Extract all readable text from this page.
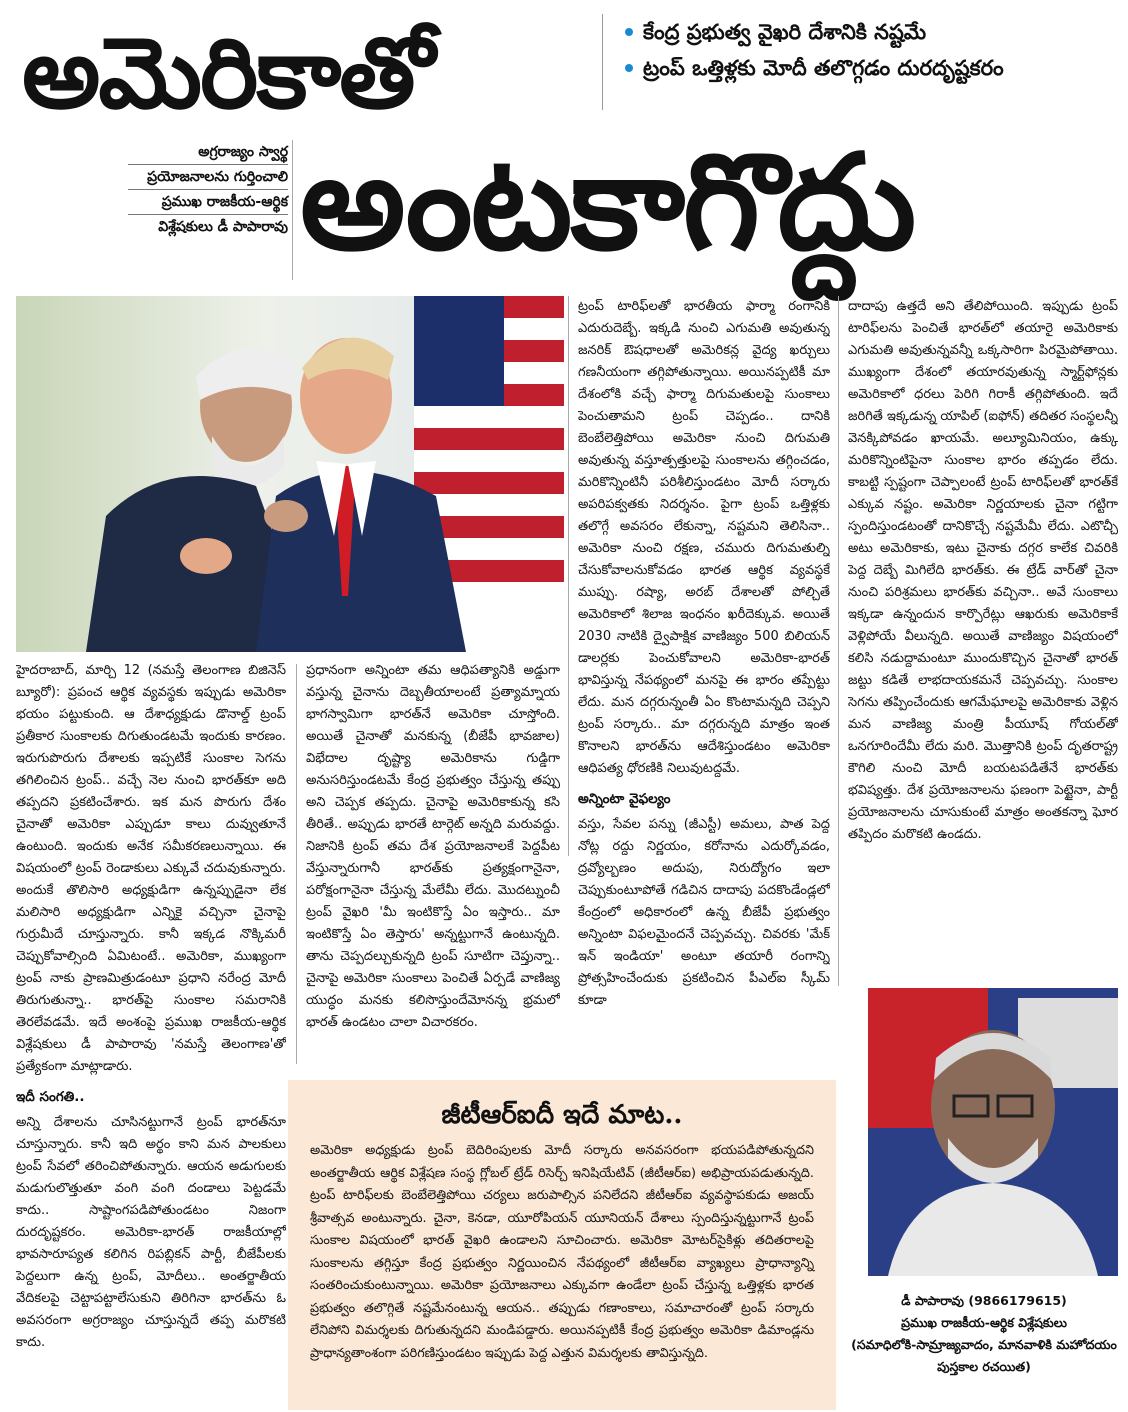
అమెరికాతో
అంటకాగొద్దు
కేంద్ర ప్రభుత్వ వైఖరి దేశానికి నష్టమే
ట్రంప్ ఒత్తిళ్లకు మోదీ తలొగ్గడం దురదృష్టకరం
అగ్రరాజ్యం స్వార్థ
ప్రయోజనాలను గుర్తించాలి
ప్రముఖ రాజకీయ-ఆర్థిక
విశ్లేషకులు డీ పాపారావు

హైదరాబాద్, మార్చి 12 (నమస్తే తెలంగాణ బిజినెస్ బ్యూరో): ప్రపంచ ఆర్థిక వ్యవస్థకు ఇప్పుడు అమెరికా భయం పట్టుకుంది. ఆ దేశాధ్యక్షుడు డొనాల్డ్ ట్రంప్ ప్రతీకార సుంకాలకు దిగుతుండటమే ఇందుకు కారణం. ఇరుగుపొరుగు దేశాలకు ఇప్పటికే సుంకాల సెగను తగిలించిన ట్రంప్.. వచ్చే నెల నుంచి భారత్‌కూ అది తప్పదని ప్రకటించేశారు. ఇక మన పొరుగు దేశం చైనాతో అమెరికా ఎప్పుడూ కాలు దువ్వుతూనే ఉంటుంది. ఇందుకు అనేక సమీకరణలున్నాయి. ఈ విషయంలో ట్రంప్ రెండాకులు ఎక్కువే చదువుకున్నారు. అందుకే తొలిసారి అధ్యక్షుడిగా ఉన్నప్పుడైనా లేక మలిసారి అధ్యక్షుడిగా ఎన్నికై వచ్చినా చైనాపై గుర్రుమీదే చూస్తున్నారు. కానీ ఇక్కడ నొక్కిమరీ చెప్పుకోవాల్సింది ఏమిటంటే.. అమెరికా, ముఖ్యంగా ట్రంప్ నాకు ప్రాణమిత్రుడంటూ ప్రధాని నరేంద్ర మోదీ తిరుగుతున్నా.. భారత్‌పై సుంకాల సమరానికి తెరలేవడమే. ఇదే అంశంపై ప్రముఖ రాజకీయ-ఆర్థిక విశ్లేషకులు డీ పాపారావు 'నమస్తే తెలంగాణ'తో ప్రత్యేకంగా మాట్లాడారు.

ఇదీ సంగతి..

అన్ని దేశాలను చూసినట్టుగానే ట్రంప్ భారత్‌నూ చూస్తున్నారు. కానీ ఇది అర్థం కాని మన పాలకులు ట్రంప్ సేవలో తరించిపోతున్నారు. ఆయన అడుగులకు మడుగులొత్తుతూ వంగి వంగి దండాలు పెట్టడమే కాదు.. సాష్టాంగపడిపోతుండటం నిజంగా దురదృష్టకరం. అమెరికా-భారత్ రాజకీయాల్లో భావసారూప్యత కలిగిన రిపబ్లికన్ పార్టీ, బీజేపీలకు పెద్దలుగా ఉన్న ట్రంప్, మోదీలు.. అంతర్జాతీయ వేదికలపై చెట్టాపట్టాలేసుకుని తిరిగినా భారత్‌ను ఓ అవసరంగా అగ్రరాజ్యం చూస్తున్నదే తప్ప మరొకటి కాదు.

ప్రధానంగా అన్నింటా తమ ఆధిపత్యానికి అడ్డుగా వస్తున్న చైనాను దెబ్బతీయాలంటే ప్రత్యామ్నాయ భాగస్వామిగా భారత్‌నే అమెరికా చూస్తోంది. అయితే చైనాతో మనకున్న (బీజేపీ భావజాల) విభేదాల దృష్ట్యా అమెరికాను గుడ్డిగా అనుసరిస్తుండటమే కేంద్ర ప్రభుత్వం చేస్తున్న తప్పు అని చెప్పక తప్పదు. చైనాపై అమెరికాకున్న కసి తీరితే.. అప్పుడు భారతే టార్గెట్ అన్నది మరువద్దు. నిజానికి ట్రంప్ తమ దేశ ప్రయోజనాలకే పెద్దపీట వేస్తున్నారుగానీ భారత్‌కు ప్రత్యక్షంగానైనా, పరోక్షంగానైనా చేస్తున్న మేలేమీ లేదు. మొదట్నుంచీ ట్రంప్ వైఖరి 'మీ ఇంటికొస్తే ఏం ఇస్తారు.. మా ఇంటికొస్తే ఏం తెస్తారు' అన్నట్టుగానే ఉంటున్నది. తాను చెప్పదల్చుకున్నది ట్రంప్ సూటిగా చెప్తున్నా.. చైనాపై అమెరికా సుంకాలు పెంచితే ఏర్పడే వాణిజ్య యుద్ధం మనకు కలిసొస్తుందేమోనన్న భ్రమలో భారత్ ఉండటం చాలా విచారకరం.

ట్రంప్ టారిఫ్‌లతో భారతీయ ఫార్మా రంగానికి ఎదురుదెబ్బే. ఇక్కడి నుంచి ఎగుమతి అవుతున్న జనరిక్ ఔషధాలతో అమెరికన్ల వైద్య ఖర్చులు గణనీయంగా తగ్గిపోతున్నాయి. అయినప్పటికీ మా దేశంలోకి వచ్చే ఫార్మా దిగుమతులపై సుంకాలు పెంచుతామని ట్రంప్ చెప్పడం.. దానికి బెంబేలెత్తిపోయి అమెరికా నుంచి దిగుమతి అవుతున్న వస్తూత్పత్తులపై సుంకాలను తగ్గించడం, మరికొన్నింటినీ పరిశీలిస్తుండటం మోదీ సర్కారు అపరిపక్వతకు నిదర్శనం. పైగా ట్రంప్ ఒత్తిళ్లకు తలొగ్గే అవసరం లేకున్నా, నష్టమని తెలిసినా.. అమెరికా నుంచి రక్షణ, చమురు దిగుమతుల్ని చేసుకోవాలనుకోవడం భారత ఆర్థిక వ్యవస్థకే ముప్పు. రష్యా, అరబ్ దేశాలతో పోల్చితే అమెరికాలో శిలాజ ఇంధనం ఖరీదెక్కువ. అయితే 2030 నాటికి ద్వైపాక్షిక వాణిజ్యం 500 బిలియన్ డాలర్లకు పెంచుకోవాలని అమెరికా-భారత్ భావిస్తున్న నేపథ్యంలో మనపై ఈ భారం తప్పేట్టు లేదు. మన దగ్గరున్నంతీ ఏం కొంటామన్నది చెప్పని ట్రంప్ సర్కారు.. మా దగ్గరున్నది మాత్రం ఇంత కొనాలని భారత్‌ను ఆదేశిస్తుండటం అమెరికా ఆధిపత్య ధోరణికి నిలువుటద్దమే.

అన్నింటా వైఫల్యం

వస్తు, సేవల పన్ను (జీఎస్టీ) అమలు, పాత పెద్ద నోట్ల రద్దు నిర్ణయం, కరోనాను ఎదుర్కోవడం, ద్రవ్యోల్బణం అదుపు, నిరుద్యోగం ఇలా చెప్పుకుంటూపోతే గడిచిన దాదాపు పదకొండేండ్లలో కేంద్రంలో అధికారంలో ఉన్న బీజేపీ ప్రభుత్వం అన్నింటా విఫలమైందనే చెప్పవచ్చు. చివరకు 'మేక్ ఇన్ ఇండియా' అంటూ తయారీ రంగాన్ని ప్రోత్సహించేందుకు ప్రకటించిన పీఎల్‌ఐ స్కీమ్ కూడా

దాదాపు ఉత్తదే అని తేలిపోయింది. ఇప్పుడు ట్రంప్ టారిఫ్‌లను పెంచితే భారత్‌లో తయారై అమెరికాకు ఎగుమతి అవుతున్నవన్నీ ఒక్కసారిగా పిరమైపోతాయి. ముఖ్యంగా దేశంలో తయారవుతున్న స్మార్ట్‌ఫోన్లకు అమెరికాలో ధరలు పెరిగి గిరాకీ తగ్గిపోతుంది. ఇదే జరిగితే ఇక్కడున్న యాపిల్ (ఐఫోన్) తదితర సంస్థలన్నీ వెనక్కిపోవడం ఖాయమే. అల్యూమినియం, ఉక్కు మరికొన్నింటిపైనా సుంకాల భారం తప్పడం లేదు. కాబట్టి స్పష్టంగా చెప్పాలంటే ట్రంప్ టారిఫ్‌లతో భారత్‌కే ఎక్కువ నష్టం. అమెరికా నిర్ణయాలకు చైనా గట్టిగా స్పందిస్తుండటంతో దానికొచ్చే నష్టమేమీ లేదు. ఎటొచ్చీ అటు అమెరికాకు, ఇటు చైనాకు దగ్గర కాలేక చివరికి పెద్ద దెబ్బే మిగిలేది భారత్‌కు. ఈ ట్రేడ్ వార్‌తో చైనా నుంచి పరిశ్రమలు భారత్‌కు వచ్చినా.. అవే సుంకాలు ఇక్కడా ఉన్నందున కార్పొరేట్లు ఆఖరుకు అమెరికాకే వెళ్లిపోయే వీలున్నది. అయితే వాణిజ్యం విషయంలో కలిసి నడుద్దామంటూ ముందుకొచ్చిన చైనాతో భారత్ జట్టు కడితే లాభదాయకమనే చెప్పవచ్చు. సుంకాల సెగను తప్పించేందుకు ఆగమేఘాలపై అమెరికాకు వెళ్లిన మన వాణిజ్య మంత్రి పీయూష్ గోయల్‌తో ఒనగూరిందేమీ లేదు మరి. మొత్తానికి ట్రంప్ దృతరాష్ట్ర కౌగిలి నుంచి మోదీ బయటపడితేనే భారత్‌కు భవిష్యత్తు. దేశ ప్రయోజనాలను ఫణంగా పెట్టైనా, పార్టీ ప్రయోజనాలను చూసుకుంటే మాత్రం అంతకన్నా ఘోర తప్పిదం మరొకటి ఉండదు.

జీటీఆర్‌ఐదీ ఇదే మాట..
అమెరికా అధ్యక్షుడు ట్రంప్ బెదిరింపులకు మోదీ సర్కారు అనవసరంగా భయపడిపోతున్నదని అంతర్జాతీయ ఆర్థిక విశ్లేషణ సంస్థ గ్లోబల్ ట్రేడ్ రిసెర్చ్ ఇనిషియేటివ్ (జీటీఆర్‌ఐ) అభిప్రాయపడుతున్నది. ట్రంప్ టారిఫ్‌లకు బెంబేలెత్తిపోయి చర్యలు జరుపాల్సిన పనిలేదని జీటీఆర్‌ఐ వ్యవస్థాపకుడు అజయ్ శ్రీవాత్సవ అంటున్నారు. చైనా, కెనడా, యూరోపియన్ యూనియన్ దేశాలు స్పందిస్తున్నట్టుగానే ట్రంప్ సుంకాల విషయంలో భారత్ వైఖరి ఉండాలని సూచించారు. అమెరికా మోటర్‌సైకిళ్లు తదితరాలపై సుంకాలను తగ్గిస్తూ కేంద్ర ప్రభుత్వం నిర్ణయించిన నేపథ్యంలో జీటీఆర్‌ఐ వ్యాఖ్యలు ప్రాధాన్యాన్ని సంతరించుకుంటున్నాయి. అమెరికా ప్రయోజనాలు ఎక్కువగా ఉండేలా ట్రంప్ చేస్తున్న ఒత్తిళ్లకు భారత ప్రభుత్వం తలొగ్గితే నష్టమేనంటున్న ఆయన.. తప్పుడు గణాంకాలు, సమాచారంతో ట్రంప్ సర్కారు లేనిపోని విమర్శలకు దిగుతున్నదని మండిపడ్డారు. అయినప్పటికీ కేంద్ర ప్రభుత్వం అమెరికా డిమాండ్లను ప్రాధాన్యతాంశంగా పరిగణిస్తుండటం ఇప్పుడు పెద్ద ఎత్తున విమర్శలకు తావిస్తున్నది.
డీ పాపారావు (9866179615)
ప్రముఖ రాజకీయ-ఆర్థిక విశ్లేషకులు
(సమాధిలోకి-సామ్రాజ్యవాదం, మానవాళికి మహోదయం పుస్తకాల రచయిత)
